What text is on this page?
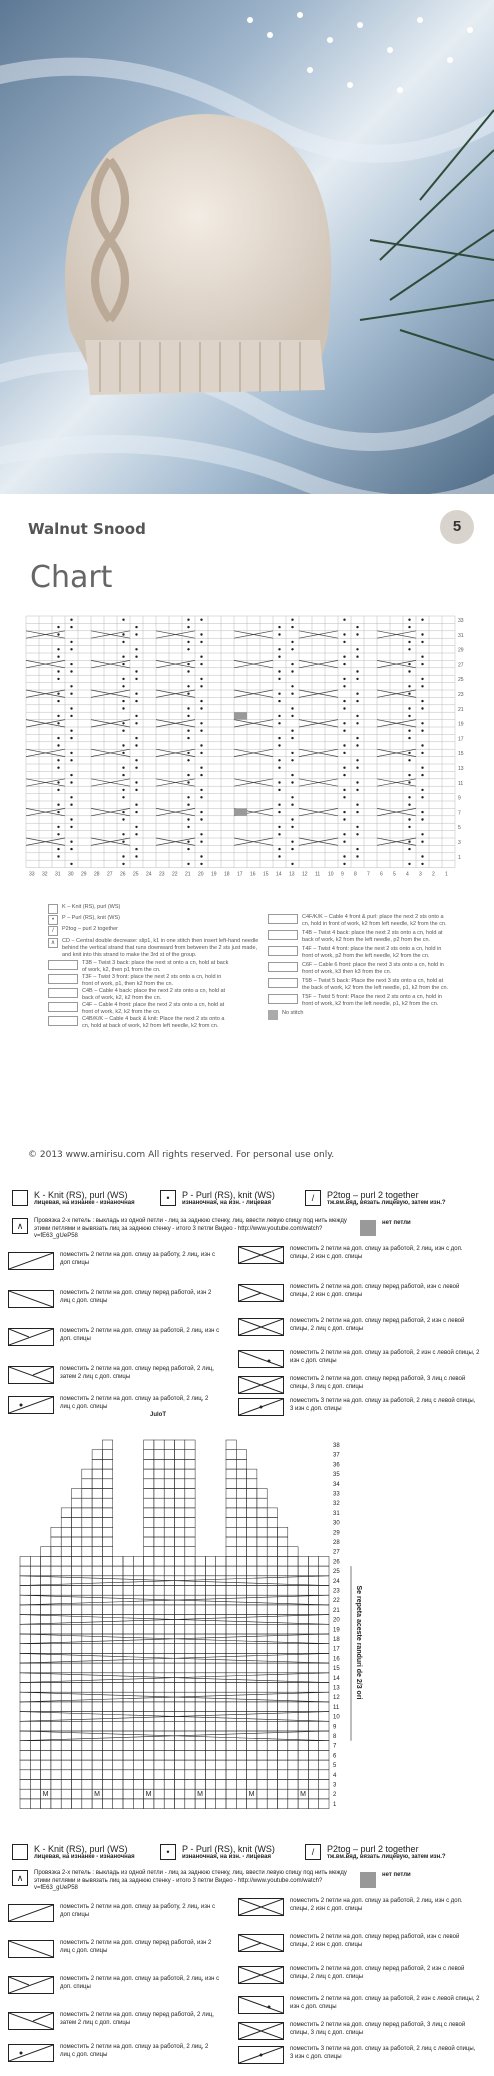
Walnut Snood	5
Chart
33
31
29
27
25
23
21
19
17
15
13
11
9
7
5
3
1
33 32 31 30 29 28 27 26 25 24 23 22 21 20 19 18 17 16 15 14 13 12 11 10 9 8 7 6 5 4 3 2 1
K – Knit (RS), purl (WS)
•	P – Purl (RS), knit (WS)
/	P2tog – purl 2 together
∧	CD – Central double decrease: slip1, k1 in one stitch then insert left-hand needle behind the vertical strand that runs downward from between the 2 sts just made, and knit into this strand to make the 3rd st of the group.
T3B – Twist 3 back: place the next st onto a cn, hold at back of work, k2, then p1 from the cn.
T3F – Twist 3 front: place the next 2 sts onto a cn, hold in front of work, p1, then k2 from the cn.
C4B – Cable 4 back: place the next 2 sts onto a cn, hold at back of work, k2, k2 from the cn.
C4F – Cable 4 front: place the next 2 sts onto a cn, hold at front of work, k2, k2 from the cn.
C4B/K/K – Cable 4 back & knit: Place the next 2 sts onto a cn, hold at back of work, k2 from left needle, k2 from cn.
C4F/K/K – Cable 4 front & purl: place the next 2 sts onto a cn, hold in front of work, k2 from left needle, k2 from the cn.
T4B – Twist 4 back: place the next 2 sts onto a cn, hold at back of work, k2 from the left needle, p2 from the cn.
T4F – Twist 4 front: place the next 2 sts onto a cn, hold in front of work, p2 from the left needle, k2 from the cn.
C6F – Cable 6 front: place the next 3 sts onto a cn, hold in front of work, k3 then k3 from the cn.
T5B – Twist 5 back: Place the next 3 sts onto a cn, hold at the back of work, k2 from the left needle, p1, k2 from the cn.
T5F – Twist 5 front: Place the next 2 sts onto a cn, hold in front of work, k2 from the left needle, p1, k2 from the cn.
No stitch
© 2013 www.amirisu.com All rights reserved. For personal use only.
K - Knit (RS), purl (WS)
лицевая, на изнанке - изнаночная	•	P - Purl (RS), knit (WS)
изнаночная, на изн. - лицевая	/	P2tog – purl 2 together
тж.вм.вяд, вязать лицевую, затем изн.?
∧	Провязка 2-х петель : выкладь из одной петли - лиц за заднюю стенку, лиц. ввести левую спицу под нить между этими петлями и вывязать лиц за заднюю стенку - итого 3 петли Видео - http://www.youtube.com/watch?v=fE63_gUeP58
нет петли
поместить 2 петли на доп. спицу за работу, 2 лиц, изн с доп спицы
поместить 2 петли на доп. спицу перед работой, изн 2 лиц с доп. спицы
поместить 2 петли на доп. спицу за работой, 2 лиц, изн с доп. спицы
поместить 2 петли на доп. спицу перед работой, 2 лиц, затем 2 лиц с доп. спицы
поместить 2 петли на доп. спицу за работой, 2 лиц, 2 лиц с доп. спицы
поместить 2 петли на доп. спицу за работой, 2 лиц, изн с доп. спицы, 2 изн с доп. спицы
поместить 2 петли на доп. спицу перед работой, изн с левой спицы, 2 изн с доп. спицы
поместить 2 петли на доп. спицу перед работой, 2 изн с левой спицы, 2 лиц с доп. спицы
поместить 2 петли на доп. спицу за работой, 2 изн с левой спицы, 2 изн с доп. спицы
поместить 2 петли на доп. спицу перед работой, 3 лиц с левой спицы, 3 лиц с доп. спицы
поместить 3 петли на доп. спицу за работой, 2 лиц с левой спицы, 3 изн с доп. спицы
JuloT
38
37
36
35
34
33
32
31
30
29
28
27
26
25
24
23
22
21
20
19
18
17
16
15
14
13
12
11
10
9
8
7
6
5
4
3
2
1
M	M	M	M	M	M
Se repeta aceste randuri de 2/3 ori
K - Knit (RS), purl (WS)
лицевая, на изнанке - изнаночная	•	P - Purl (RS), knit (WS)
изнаночная, на изн. - лицевая	/	P2tog – purl 2 together
тж.вм.вяд, вязать лицевую, затем изн.?
∧	Провязка 2-х петель : выкладь из одной петли - лиц за заднюю стенку, лиц. ввести левую спицу под нить между этими петлями и вывязать лиц за заднюю стенку - итого 3 петли Видео - http://www.youtube.com/watch?v=fE63_gUeP58
нет петли
поместить 2 петли на доп. спицу за работу, 2 лиц, изн с доп спицы
поместить 2 петли на доп. спицу перед работой, изн 2 лиц с доп. спицы
поместить 2 петли на доп. спицу за работой, 2 лиц, изн с доп. спицы
поместить 2 петли на доп. спицу перед работой, 2 лиц, затем 2 лиц с доп. спицы
поместить 2 петли на доп. спицу за работой, 2 лиц, 2 лиц с доп. спицы
поместить 2 петли на доп. спицу за работой, 2 лиц, изн с доп. спицы, 2 изн с доп. спицы
поместить 2 петли на доп. спицу перед работой, изн с левой спицы, 2 изн с доп. спицы
поместить 2 петли на доп. спицу перед работой, 2 изн с левой спицы, 2 лиц с доп. спицы
поместить 2 петли на доп. спицу за работой, 2 изн с левой спицы, 2 изн с доп. спицы
поместить 2 петли на доп. спицу перед работой, 3 лиц с левой спицы, 3 лиц с доп. спицы
поместить 3 петли на доп. спицу за работой, 2 лиц с левой спицы, 3 изн с доп. спицы
